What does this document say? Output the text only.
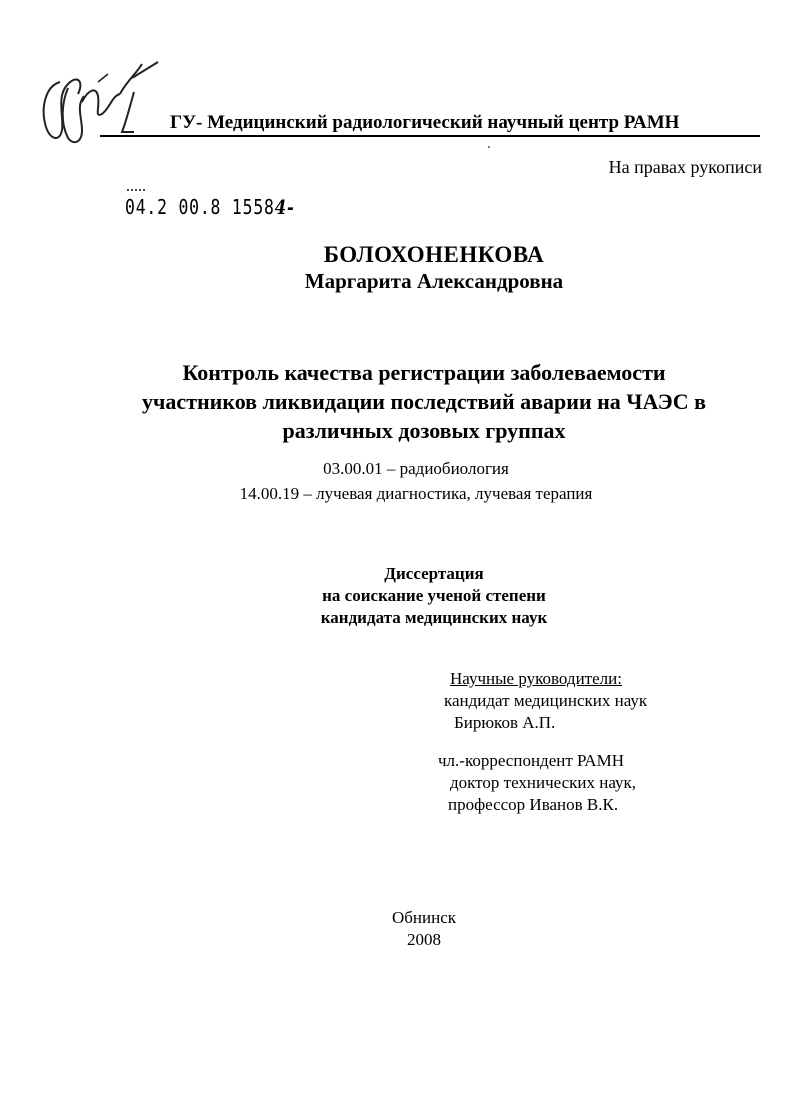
ГУ- Медицинский радиологический научный центр РАМН
На правах рукописи
04.2 00.8 15584-
БОЛОХОНЕНКОВА
Маргарита Александровна
Контроль качества регистрации заболеваемости
участников ликвидации последствий аварии на ЧАЭС в
различных дозовых группах
03.00.01 – радиобиология
14.00.19 – лучевая диагностика, лучевая терапия
Диссертация
на соискание ученой степени
кандидата медицинских наук
Научные руководители:
кандидат медицинских наук
Бирюков А.П.
чл.-корреспондент РАМН
доктор технических наук,
профессор Иванов В.К.
Обнинск
2008
